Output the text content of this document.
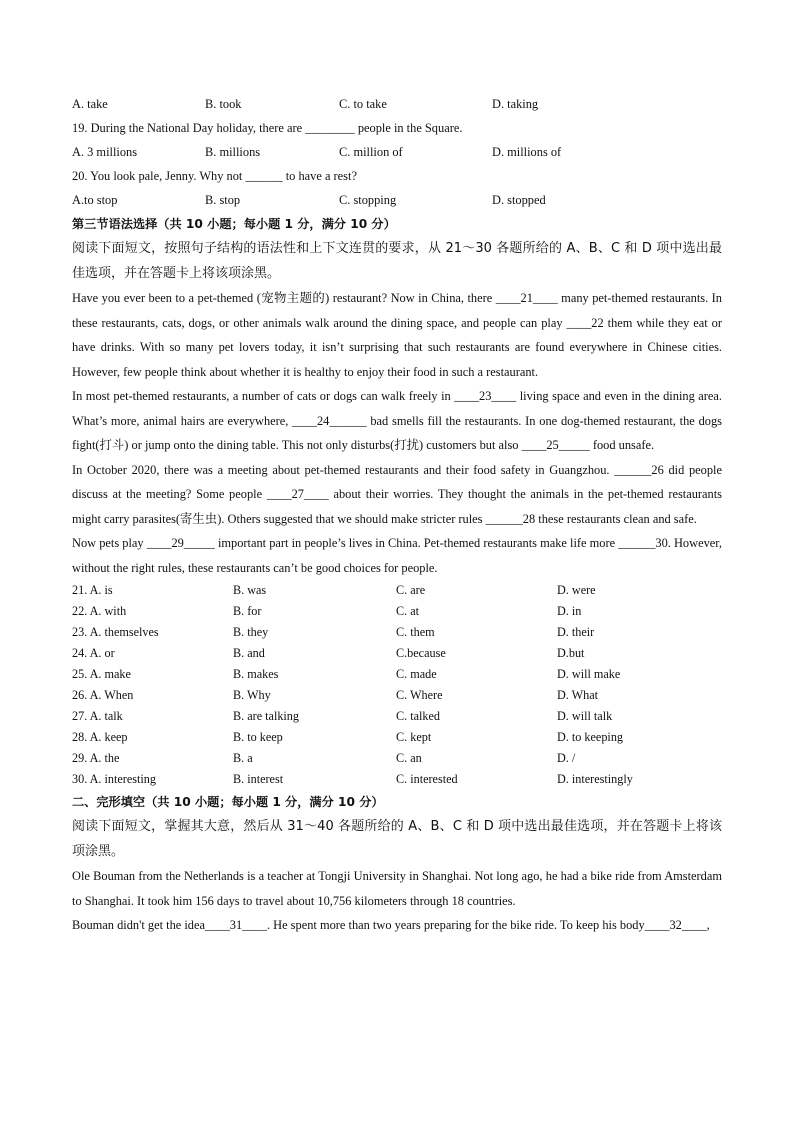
A. take	B. took	C. to take	D. taking
19. During the National Day holiday, there are ________ people in the Square.
A. 3 millions	B. millions	C. million of	D. millions of
20. You look pale, Jenny. Why not ______ to have a rest?
A.to stop	B. stop	C. stopping	D. stopped
第三节语法选择（共 10 小题；每小题 1 分，满分 10 分）
阅读下面短文，按照句子结构的语法性和上下文连贯的要求，从 21～30 各题所给的 A、B、C 和 D 项中选出最佳选项，并在答题卡上将该项涂黑。
Have you ever been to a pet-themed (宠物主题的) restaurant? Now in China, there ____21____ many pet-themed restaurants. In these restaurants, cats, dogs, or other animals walk around the dining space, and people can play ____22 them while they eat or have drinks. With so many pet lovers today, it isn’t surprising that such restaurants are found everywhere in Chinese cities. However, few people think about whether it is healthy to enjoy their food in such a restaurant.
In most pet-themed restaurants, a number of cats or dogs can walk freely in ____23____ living space and even in the dining area. What’s more, animal hairs are everywhere, ____24______ bad smells fill the restaurants. In one dog-themed restaurant, the dogs fight(打斗) or jump onto the dining table. This not only disturbs(打扰) customers but also ____25_____ food unsafe.
In October 2020, there was a meeting about pet-themed restaurants and their food safety in Guangzhou. ______26 did people discuss at the meeting? Some people ____27____ about their worries. They thought the animals in the pet-themed restaurants might carry parasites(寄生虫). Others suggested that we should make stricter rules ______28 these restaurants clean and safe.
Now pets play ____29_____ important part in people’s lives in China. Pet-themed restaurants make life more ______30. However, without the right rules, these restaurants can’t be good choices for people.
21. A. is	B. was	C. are	D. were
22. A. with	B. for	C. at	D. in
23. A. themselves	B. they	C. them	D. their
24. A. or	B. and	C.because	D.but
25. A. make	B. makes	C. made	D. will make
26. A. When	B. Why	C. Where	D. What
27. A. talk	B. are talking	C. talked	D. will talk
28. A. keep	B. to keep	C. kept	D. to keeping
29. A. the	B. a	C. an	D. /
30. A. interesting	B. interest	C. interested	D. interestingly
二、完形填空（共 10 小题；每小题 1 分，满分 10 分）
阅读下面短文，掌握其大意，然后从 31～40 各题所给的 A、B、C 和 D 项中选出最佳选项，并在答题卡上将该项涂黑。
Ole Bouman from the Netherlands is a teacher at Tongji University in Shanghai. Not long ago, he had a bike ride from Amsterdam to Shanghai. It took him 156 days to travel about 10,756 kilometers through 18 countries.
Bouman didn't get the idea____31____. He spent more than two years preparing for the bike ride. To keep his body____32____,
